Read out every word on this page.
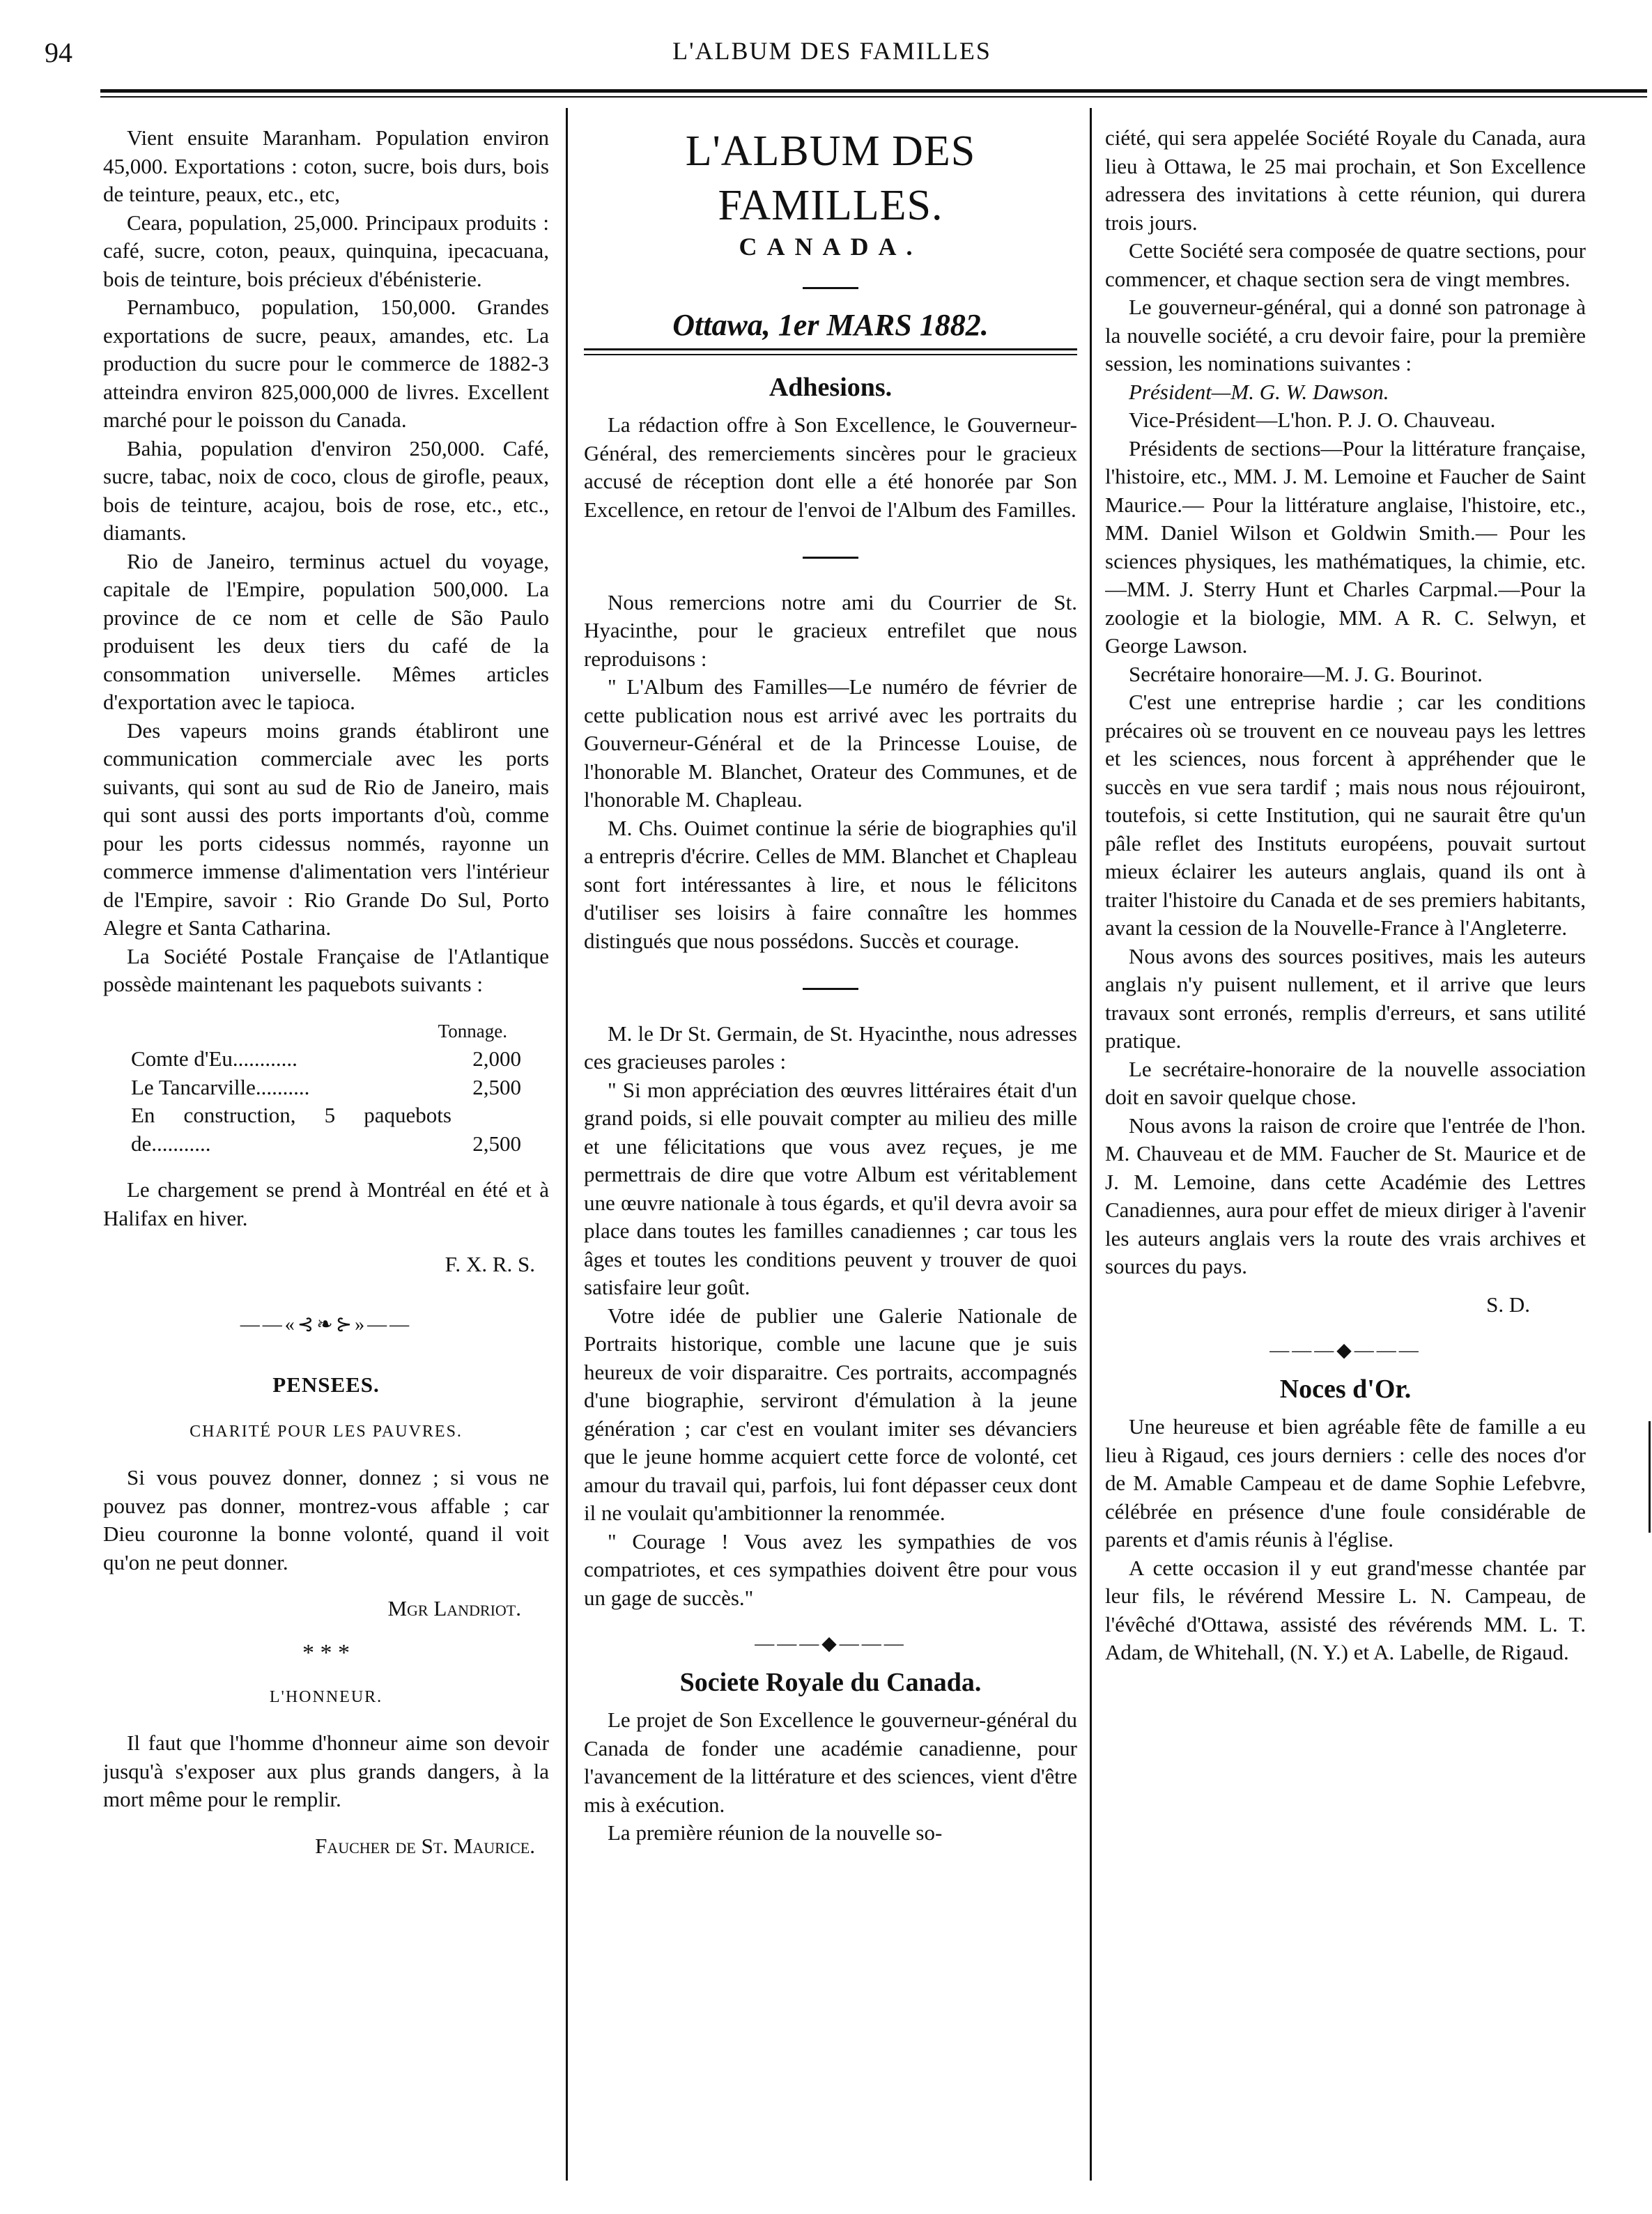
94	L'ALBUM DES FAMILLES

Vient ensuite Maranham. Population environ 45,000. Exportations : coton, sucre, bois durs, bois de teinture, peaux, etc., etc,

Ceara, population, 25,000. Principaux produits : café, sucre, coton, peaux, quinquina, ipecacuana, bois de teinture, bois précieux d'ébénisterie.

Pernambuco, population, 150,000. Grandes exportations de sucre, peaux, amandes, etc. La production du sucre pour le commerce de 1882-3 atteindra environ 825,000,000 de livres. Excellent marché pour le poisson du Canada.

Bahia, population d'environ 250,000. Café, sucre, tabac, noix de coco, clous de girofle, peaux, bois de teinture, acajou, bois de rose, etc., etc., diamants.

Rio de Janeiro, terminus actuel du voyage, capitale de l'Empire, population 500,000. La province de ce nom et celle de São Paulo produisent les deux tiers du café de la consommation universelle. Mêmes articles d'exportation avec le tapioca.

Des vapeurs moins grands établiront une communication commerciale avec les ports suivants, qui sont au sud de Rio de Janeiro, mais qui sont aussi des ports importants d'où, comme pour les ports cidessus nommés, rayonne un commerce immense d'alimentation vers l'intérieur de l'Empire, savoir : Rio Grande Do Sul, Porto Alegre et Santa Catharina.

La Société Postale Française de l'Atlantique possède maintenant les paquebots suivants :

Tonnage.

Comte d'Eu............	2,000
Le Tancarville..........	2,500
En construction, 5 paquebots de...........	2,500

Le chargement se prend à Montréal en été et à Halifax en hiver.

F. X. R. S.

——«⊰❧⊱»——

PENSEES.

CHARITÉ POUR LES PAUVRES.

Si vous pouvez donner, donnez ; si vous ne pouvez pas donner, montrez-vous affable ; car Dieu couronne la bonne volonté, quand il voit qu'on ne peut donner.

Mgr Landriot.

* * *

L'HONNEUR.

Il faut que l'homme d'honneur aime son devoir jusqu'à s'exposer aux plus grands dangers, à la mort même pour le remplir.

Faucher de St. Maurice.

L'ALBUM DES FAMILLES.

CANADA.

Ottawa, 1er MARS 1882.

Adhesions.

La rédaction offre à Son Excellence, le Gouverneur-Général, des remerciements sincères pour le gracieux accusé de réception dont elle a été honorée par Son Excellence, en retour de l'envoi de l'Album des Familles.

Nous remercions notre ami du Courrier de St. Hyacinthe, pour le gracieux entrefilet que nous reproduisons :

" L'Album des Familles—Le numéro de février de cette publication nous est arrivé avec les portraits du Gouverneur-Général et de la Princesse Louise, de l'honorable M. Blanchet, Orateur des Communes, et de l'honorable M. Chapleau.

M. Chs. Ouimet continue la série de biographies qu'il a entrepris d'écrire. Celles de MM. Blanchet et Chapleau sont fort intéressantes à lire, et nous le félicitons d'utiliser ses loisirs à faire connaître les hommes distingués que nous possédons. Succès et courage.

M. le Dr St. Germain, de St. Hyacinthe, nous adresses ces gracieuses paroles :

" Si mon appréciation des œuvres littéraires était d'un grand poids, si elle pouvait compter au milieu des mille et une félicitations que vous avez reçues, je me permettrais de dire que votre Album est véritablement une œuvre nationale à tous égards, et qu'il devra avoir sa place dans toutes les familles canadiennes ; car tous les âges et toutes les conditions peuvent y trouver de quoi satisfaire leur goût.

Votre idée de publier une Galerie Nationale de Portraits historique, comble une lacune que je suis heureux de voir disparaitre. Ces portraits, accompagnés d'une biographie, serviront d'émulation à la jeune génération ; car c'est en voulant imiter ses dévanciers que le jeune homme acquiert cette force de volonté, cet amour du travail qui, parfois, lui font dépasser ceux dont il ne voulait qu'ambitionner la renommée.

" Courage ! Vous avez les sympathies de vos compatriotes, et ces sympathies doivent être pour vous un gage de succès."

———◆———

Societe Royale du Canada.

Le projet de Son Excellence le gouverneur-général du Canada de fonder une académie canadienne, pour l'avancement de la littérature et des sciences, vient d'être mis à exécution.

La première réunion de la nouvelle so-

ciété, qui sera appelée Société Royale du Canada, aura lieu à Ottawa, le 25 mai prochain, et Son Excellence adressera des invitations à cette réunion, qui durera trois jours.

Cette Société sera composée de quatre sections, pour commencer, et chaque section sera de vingt membres.

Le gouverneur-général, qui a donné son patronage à la nouvelle société, a cru devoir faire, pour la première session, les nominations suivantes :

Président—M. G. W. Dawson.

Vice-Président—L'hon. P. J. O. Chauveau.

Présidents de sections—Pour la littérature française, l'histoire, etc., MM. J. M. Lemoine et Faucher de Saint Maurice.— Pour la littérature anglaise, l'histoire, etc., MM. Daniel Wilson et Goldwin Smith.— Pour les sciences physiques, les mathématiques, la chimie, etc.—MM. J. Sterry Hunt et Charles Carpmal.—Pour la zoologie et la biologie, MM. A R. C. Selwyn, et George Lawson.

Secrétaire honoraire—M. J. G. Bourinot.

C'est une entreprise hardie ; car les conditions précaires où se trouvent en ce nouveau pays les lettres et les sciences, nous forcent à appréhender que le succès en vue sera tardif ; mais nous nous réjouiront, toutefois, si cette Institution, qui ne saurait être qu'un pâle reflet des Instituts européens, pouvait surtout mieux éclairer les auteurs anglais, quand ils ont à traiter l'histoire du Canada et de ses premiers habitants, avant la cession de la Nouvelle-France à l'Angleterre.

Nous avons des sources positives, mais les auteurs anglais n'y puisent nullement, et il arrive que leurs travaux sont erronés, remplis d'erreurs, et sans utilité pratique.

Le secrétaire-honoraire de la nouvelle association doit en savoir quelque chose.

Nous avons la raison de croire que l'entrée de l'hon. M. Chauveau et de MM. Faucher de St. Maurice et de J. M. Lemoine, dans cette Académie des Lettres Canadiennes, aura pour effet de mieux diriger à l'avenir les auteurs anglais vers la route des vrais archives et sources du pays.

S. D.

———◆———

Noces d'Or.

Une heureuse et bien agréable fête de famille a eu lieu à Rigaud, ces jours derniers : celle des noces d'or de M. Amable Campeau et de dame Sophie Lefebvre, célébrée en présence d'une foule considérable de parents et d'amis réunis à l'église.

A cette occasion il y eut grand'messe chantée par leur fils, le révérend Messire L. N. Campeau, de l'évêché d'Ottawa, assisté des révérends MM. L. T. Adam, de Whitehall, (N. Y.) et A. Labelle, de Rigaud.
